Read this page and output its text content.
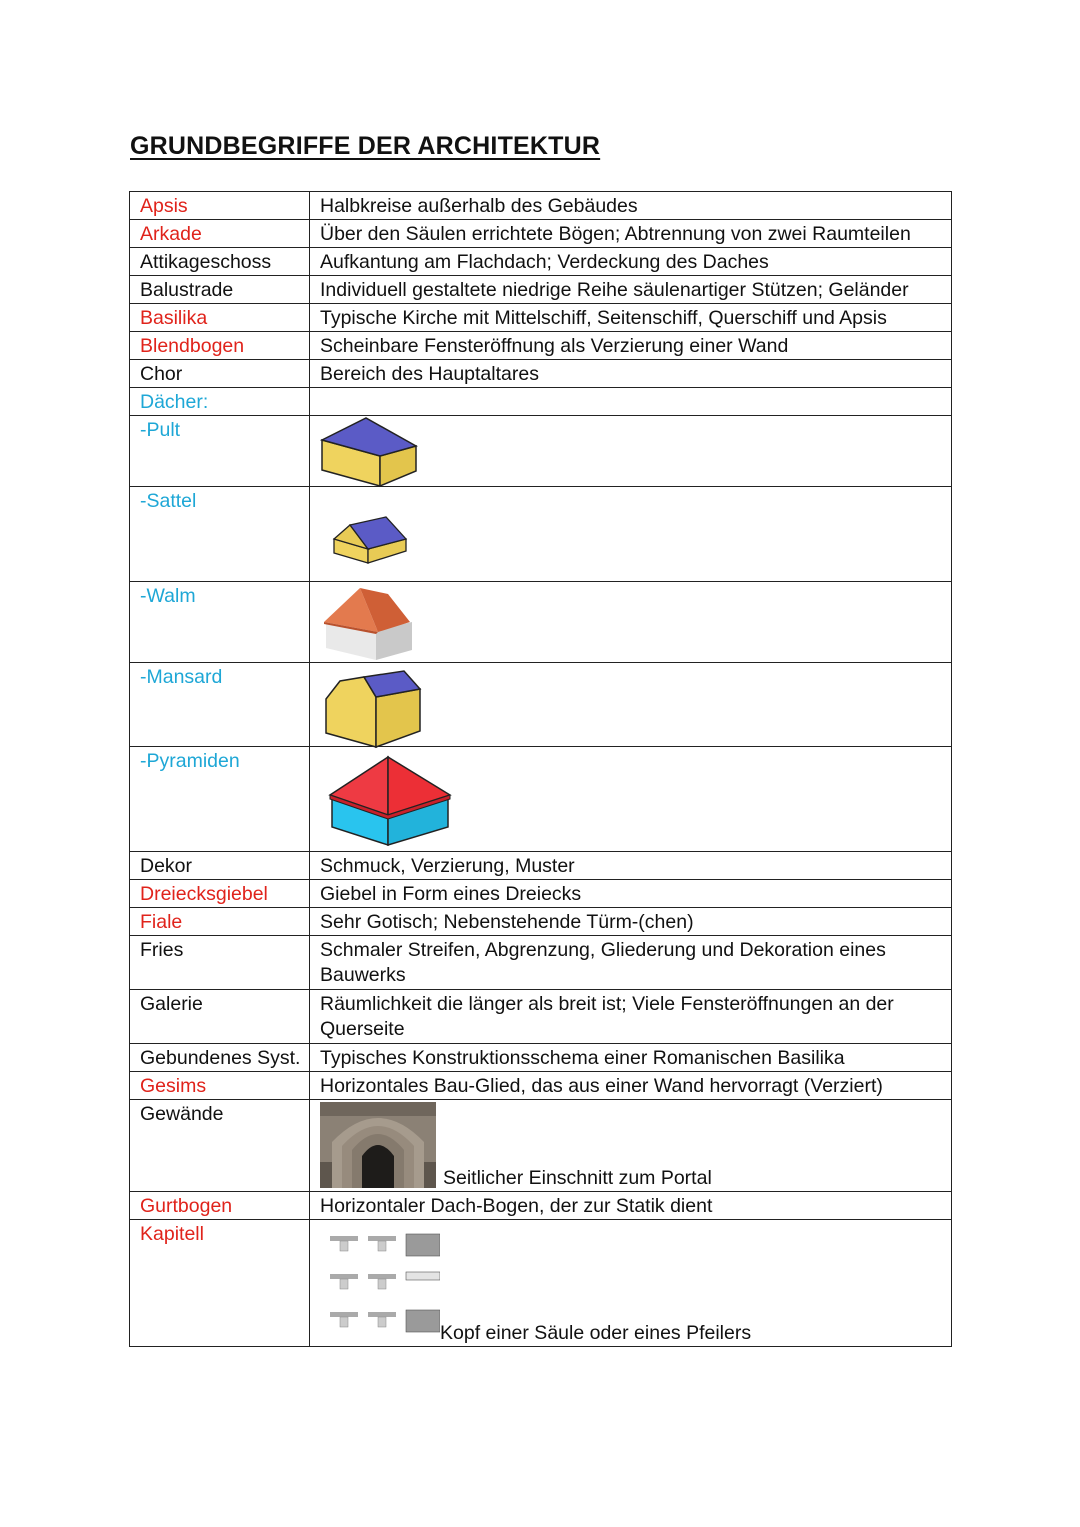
GRUNDBEGRIFFE DER ARCHITEKTUR
Apsis	Halbkreise außerhalb des Gebäudes
Arkade	Über den Säulen errichtete Bögen; Abtrennung von zwei Raumteilen
Attikageschoss	Aufkantung am Flachdach; Verdeckung des Daches
Balustrade	Individuell gestaltete niedrige Reihe säulenartiger Stützen; Geländer
Basilika	Typische Kirche mit Mittelschiff, Seitenschiff, Querschiff und Apsis
Blendbogen	Scheinbare Fensteröffnung als Verzierung einer Wand
Chor	Bereich des Hauptaltares
Dächer:	
-Pult	

-Sattel	

-Walm	

-Mansard	

-Pyramiden	

Dekor	Schmuck, Verzierung, Muster
Dreiecksgiebel	Giebel in Form eines Dreiecks
Fiale	Sehr Gotisch; Nebenstehende Türm-(chen)
Fries	Schmaler Streifen, Abgrenzung, Gliederung und Dekoration eines Bauwerks
Galerie	Räumlichkeit die länger als breit ist; Viele Fensteröffnungen an der Querseite
Gebundenes Syst.	Typisches Konstruktionsschema einer Romanischen Basilika
Gesims	Horizontales Bau-Glied, das aus einer Wand hervorragt (Verziert)
Gewände	Seitlicher Einschnitt zum Portal

Gurtbogen	Horizontaler Dach-Bogen, der zur Statik dient
Kapitell	Kopf einer Säule oder eines Pfeilers
